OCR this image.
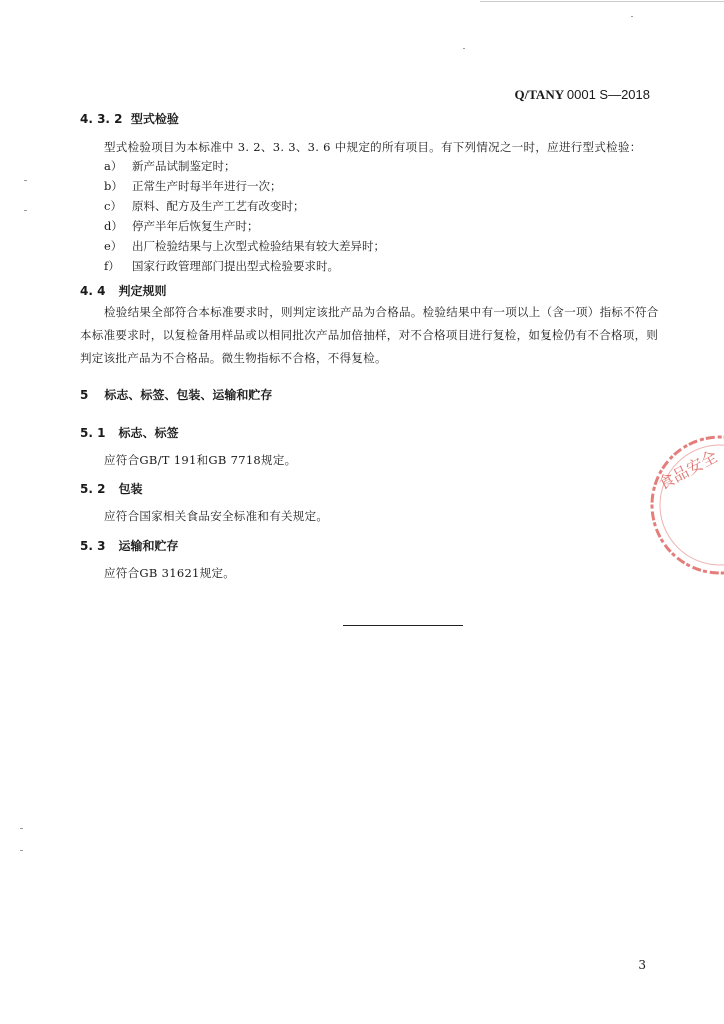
Q/TANY 0001 S—2018
4. 3. 2 型式检验
型式检验项目为本标准中 3. 2、3. 3、3. 6 中规定的所有项目。有下列情况之一时，应进行型式检验：
a） 新产品试制鉴定时；
b） 正常生产时每半年进行一次；
c） 原料、配方及生产工艺有改变时；
d） 停产半年后恢复生产时；
e） 出厂检验结果与上次型式检验结果有较大差异时；
f） 国家行政管理部门提出型式检验要求时。
4. 4 判定规则
检验结果全部符合本标准要求时，则判定该批产品为合格品。检验结果中有一项以上（含一项）指标不符合本标准要求时，以复检备用样品或以相同批次产品加倍抽样，对不合格项目进行复检，如复检仍有不合格项，则判定该批产品为不合格品。微生物指标不合格，不得复检。
5 标志、标签、包装、运输和贮存
5. 1 标志、标签
应符合GB/T 191和GB 7718规定。
5. 2 包装
应符合国家相关食品安全标准和有关规定。
5. 3 运输和贮存
应符合GB 31621规定。
食品安全
3
